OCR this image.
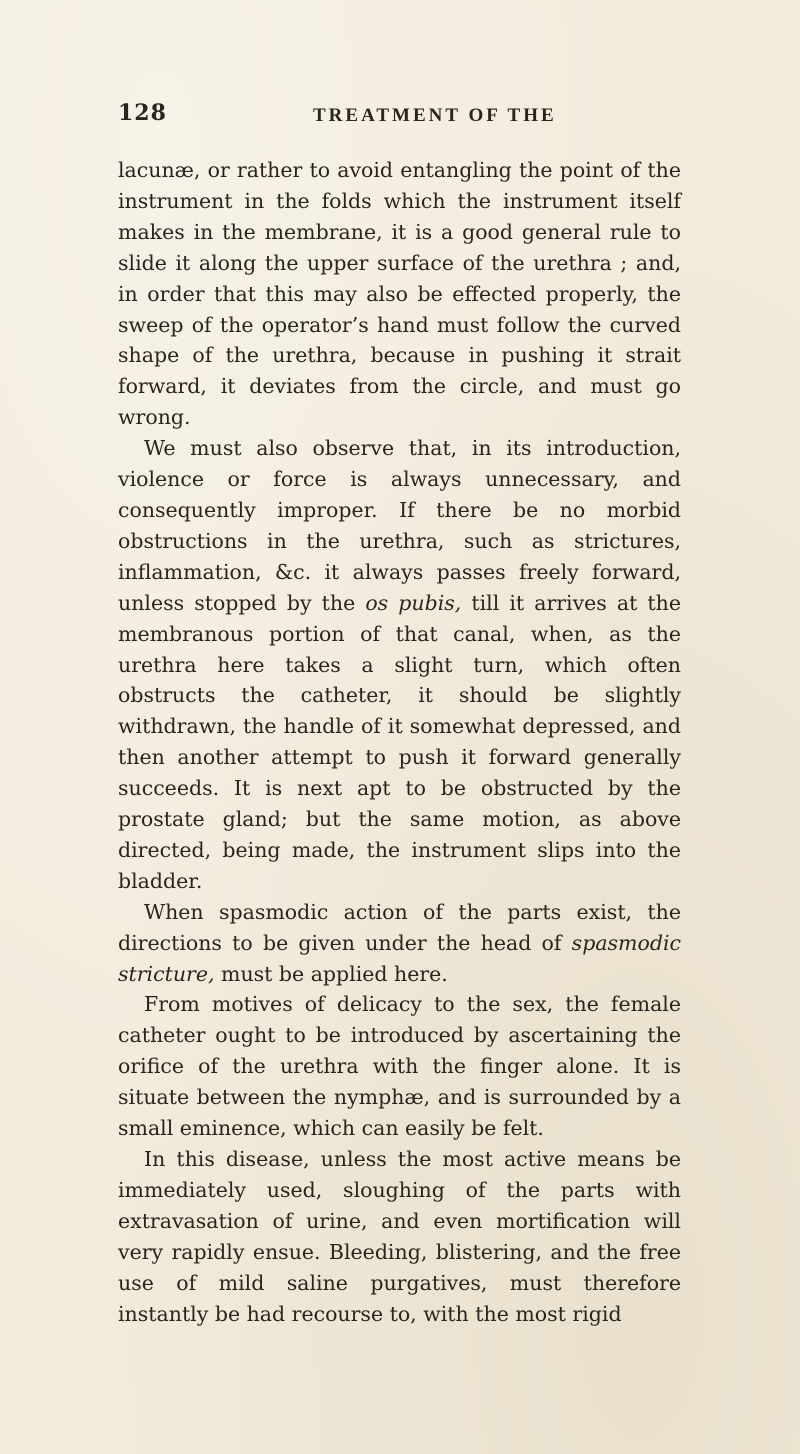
128	TREATMENT OF THE

lacunæ, or rather to avoid entangling the point of the instrument in the folds which the instrument itself makes in the membrane, it is a good general rule to slide it along the upper surface of the urethra ; and, in order that this may also be effected properly, the sweep of the operator’s hand must follow the curved shape of the urethra, because in pushing it strait forward, it deviates from the circle, and must go wrong.

We must also observe that, in its introduction, violence or force is always unnecessary, and consequently improper. If there be no morbid obstructions in the urethra, such as strictures, inflammation, &c. it always passes freely forward, unless stopped by the os pubis, till it arrives at the membranous portion of that canal, when, as the urethra here takes a slight turn, which often obstructs the catheter, it should be slightly withdrawn, the handle of it somewhat depressed, and then another attempt to push it forward generally succeeds. It is next apt to be obstructed by the prostate gland; but the same motion, as above directed, being made, the instrument slips into the bladder.

When spasmodic action of the parts exist, the directions to be given under the head of spasmodic stricture, must be applied here.

From motives of delicacy to the sex, the female catheter ought to be introduced by ascertaining the orifice of the urethra with the finger alone. It is situate between the nymphæ, and is surrounded by a small eminence, which can easily be felt.

In this disease, unless the most active means be immediately used, sloughing of the parts with extravasation of urine, and even mortification will very rapidly ensue. Bleeding, blistering, and the free use of mild saline purgatives, must therefore instantly be had recourse to, with the most rigid
